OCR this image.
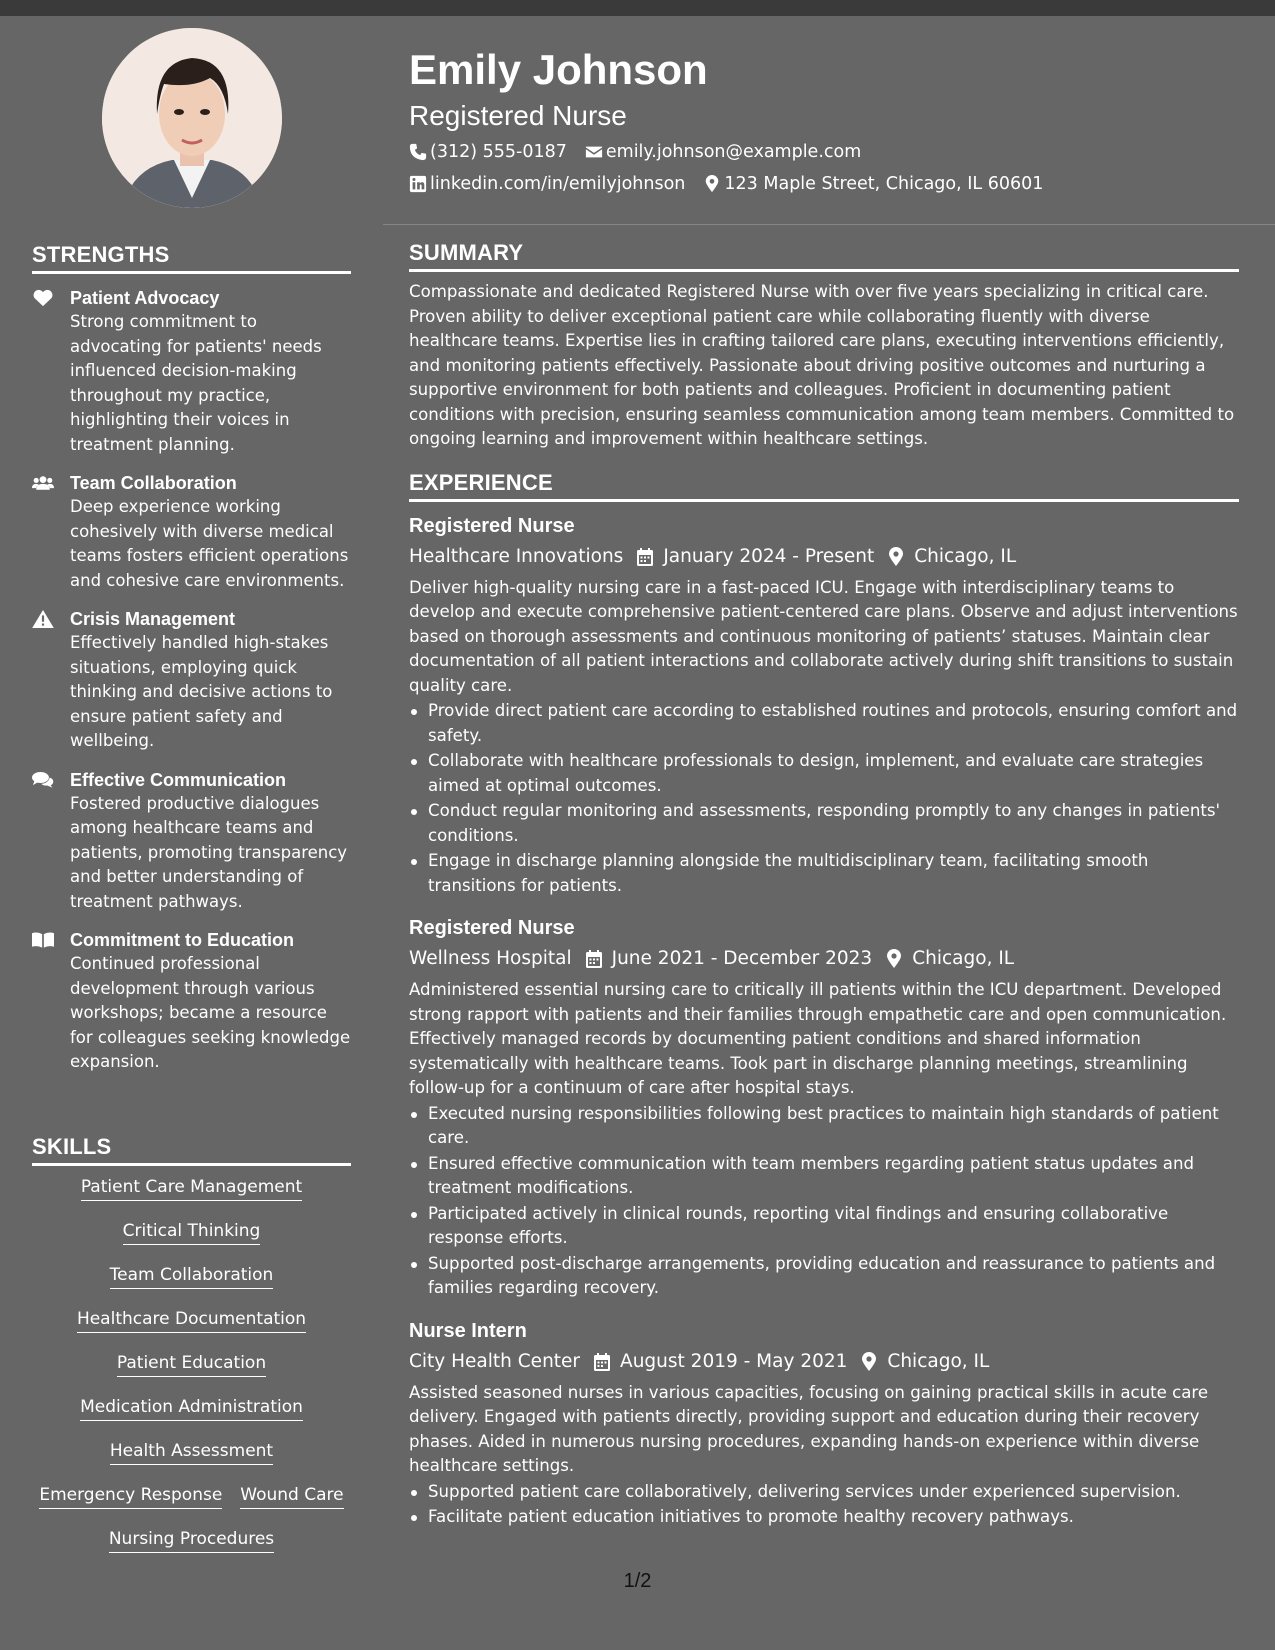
STRENGTHS
Patient Advocacy
Strong commitment to advocating for patients' needs influenced decision-making throughout my practice, highlighting their voices in treatment planning.
Team Collaboration
Deep experience working cohesively with diverse medical teams fosters efficient operations and cohesive care environments.
Crisis Management
Effectively handled high-stakes situations, employing quick thinking and decisive actions to ensure patient safety and wellbeing.
Effective Communication
Fostered productive dialogues among healthcare teams and patients, promoting transparency and better understanding of treatment pathways.
Commitment to Education
Continued professional development through various workshops; became a resource for colleagues seeking knowledge expansion.
SKILLS
Patient Care Management
Critical Thinking
Team Collaboration
Healthcare Documentation
Patient Education
Medication Administration
Health Assessment
Emergency Response Wound Care
Nursing Procedures
Emily Johnson
Registered Nurse
(312) 555-0187 emily.johnson@example.com
linkedin.com/in/emilyjohnson 123 Maple Street, Chicago, IL 60601
SUMMARY

Compassionate and dedicated Registered Nurse with over five years specializing in critical care. Proven ability to deliver exceptional patient care while collaborating fluently with diverse healthcare teams. Expertise lies in crafting tailored care plans, executing interventions efficiently, and monitoring patients effectively. Passionate about driving positive outcomes and nurturing a supportive environment for both patients and colleagues. Proficient in documenting patient conditions with precision, ensuring seamless communication among team members. Committed to ongoing learning and improvement within healthcare settings.

EXPERIENCE
Registered Nurse
Healthcare Innovations January 2024 - Present Chicago, IL

Deliver high-quality nursing care in a fast-paced ICU. Engage with interdisciplinary teams to develop and execute comprehensive patient-centered care plans. Observe and adjust interventions based on thorough assessments and continuous monitoring of patients’ statuses. Maintain clear documentation of all patient interactions and collaborate actively during shift transitions to sustain quality care.

Provide direct patient care according to established routines and protocols, ensuring comfort and safety.
Collaborate with healthcare professionals to design, implement, and evaluate care strategies aimed at optimal outcomes.
Conduct regular monitoring and assessments, responding promptly to any changes in patients' conditions.
Engage in discharge planning alongside the multidisciplinary team, facilitating smooth transitions for patients.
Registered Nurse
Wellness Hospital June 2021 - December 2023 Chicago, IL

Administered essential nursing care to critically ill patients within the ICU department. Developed strong rapport with patients and their families through empathetic care and open communication. Effectively managed records by documenting patient conditions and shared information systematically with healthcare teams. Took part in discharge planning meetings, streamlining follow-up for a continuum of care after hospital stays.

Executed nursing responsibilities following best practices to maintain high standards of patient care.
Ensured effective communication with team members regarding patient status updates and treatment modifications.
Participated actively in clinical rounds, reporting vital findings and ensuring collaborative response efforts.
Supported post-discharge arrangements, providing education and reassurance to patients and families regarding recovery.
Nurse Intern
City Health Center August 2019 - May 2021 Chicago, IL

Assisted seasoned nurses in various capacities, focusing on gaining practical skills in acute care delivery. Engaged with patients directly, providing support and education during their recovery phases. Aided in numerous nursing procedures, expanding hands-on experience within diverse healthcare settings.

Supported patient care collaboratively, delivering services under experienced supervision.
Facilitate patient education initiatives to promote healthy recovery pathways.
1/2
